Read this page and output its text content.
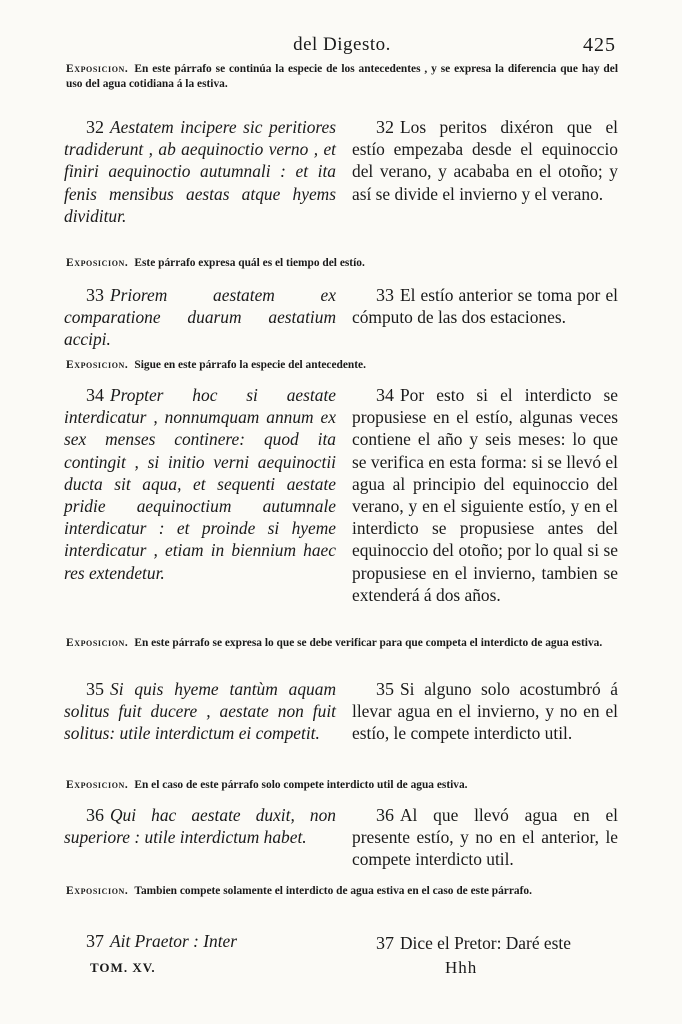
del Digesto.	425

Exposicion. En este párrafo se continúa la especie de los antecedentes , y se expresa la diferencia que hay del uso del agua cotidiana á la estiva.

32 Aestatem incipere sic peritiores tradiderunt , ab aequinoctio verno , et finiri aequinoctio autumnali : et ita fenis mensibus aestas atque hyems dividitur.
32 Los peritos dixéron que el estío empezaba desde el equinoccio del verano, y acababa en el otoño; y así se divide el invierno y el verano.

Exposicion. Este párrafo expresa quál es el tiempo del estío.

33 Priorem aestatem ex comparatione duarum aestatium accipi.
33 El estío anterior se toma por el cómputo de las dos estaciones.

Exposicion. Sigue en este párrafo la especie del antecedente.

34 Propter hoc si aestate interdicatur , nonnumquam annum ex sex menses continere: quod ita contingit , si initio verni aequinoctii ducta sit aqua, et sequenti aestate pridie aequinoctium autumnale interdicatur : et proinde si hyeme interdicatur , etiam in biennium haec res extendetur.
34 Por esto si el interdicto se propusiese en el estío, algunas veces contiene el año y seis meses: lo que se verifica en esta forma: si se llevó el agua al principio del equinoccio del verano, y en el siguiente estío, y en el interdicto se propusiese antes del equinoccio del otoño; por lo qual si se propusiese en el invierno, tambien se extenderá á dos años.

Exposicion. En este párrafo se expresa lo que se debe verificar para que competa el interdicto de agua estiva.

35 Si quis hyeme tantùm aquam solitus fuit ducere , aestate non fuit solitus: utile interdictum ei competit.
35 Si alguno solo acostumbró á llevar agua en el invierno, y no en el estío, le compete interdicto util.

Exposicion. En el caso de este párrafo solo compete interdicto util de agua estiva.

36 Qui hac aestate duxit, non superiore : utile interdictum habet.
36 Al que llevó agua en el presente estío, y no en el anterior, le compete interdicto util.

Exposicion. Tambien compete solamente el interdicto de agua estiva en el caso de este párrafo.

37 Ait Praetor : Inter	37 Dice el Pretor: Daré este
TOM. XV.	Hhh
